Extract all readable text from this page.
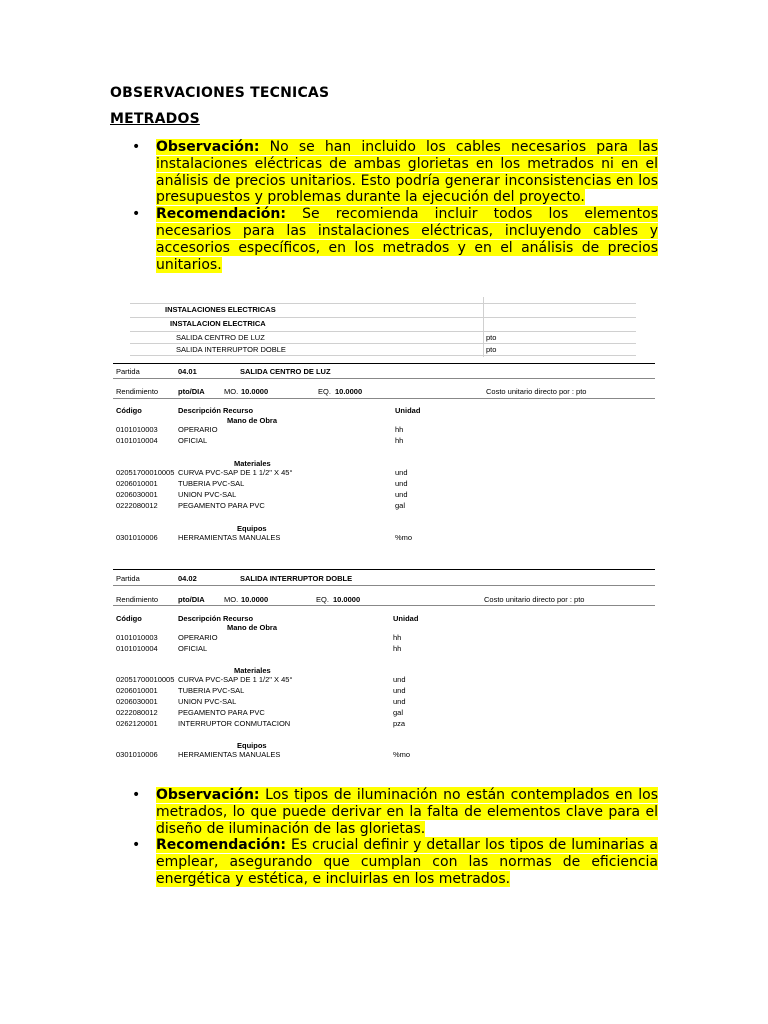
OBSERVACIONES TECNICAS
METRADOS
• Observación: No se han incluido los cables necesarios para las instalaciones eléctricas de ambas glorietas en los metrados ni en el análisis de precios unitarios. Esto podría generar inconsistencias en los presupuestos y problemas durante la ejecución del proyecto.
• Recomendación: Se recomienda incluir todos los elementos necesarios para las instalaciones eléctricas, incluyendo cables y accesorios específicos, en los metrados y en el análisis de precios unitarios.
INSTALACIONES ELECTRICAS
INSTALACION ELECTRICA
SALIDA CENTRO DE LUZ	pto
SALIDA INTERRUPTOR DOBLE	pto
Partida	04.01	SALIDA CENTRO DE LUZ
Rendimiento	pto/DIA	MO. 10.0000	EQ. 10.0000	Costo unitario directo por : pto
Código	Descripción Recurso	Unidad
Mano de Obra
0101010003	OPERARIO	hh
0101010004	OFICIAL	hh
Materiales
02051700010005 CURVA PVC-SAP DE 1 1/2" X 45°	und
0206010001	TUBERIA PVC-SAL	und
0206030001	UNION PVC-SAL	und
0222080012	PEGAMENTO PARA PVC	gal
Equipos
0301010006	HERRAMIENTAS MANUALES	%mo
Partida	04.02	SALIDA INTERRUPTOR DOBLE
Rendimiento	pto/DIA	MO. 10.0000	EQ. 10.0000	Costo unitario directo por : pto
Código	Descripción Recurso	Unidad
Mano de Obra
0101010003	OPERARIO	hh
0101010004	OFICIAL	hh
Materiales
02051700010005 CURVA PVC-SAP DE 1 1/2" X 45°	und
0206010001	TUBERIA PVC-SAL	und
0206030001	UNION PVC-SAL	und
0222080012	PEGAMENTO PARA PVC	gal
0262120001	INTERRUPTOR CONMUTACION	pza
Equipos
0301010006	HERRAMIENTAS MANUALES	%mo
• Observación: Los tipos de iluminación no están contemplados en los metrados, lo que puede derivar en la falta de elementos clave para el diseño de iluminación de las glorietas.
• Recomendación: Es crucial definir y detallar los tipos de luminarias a emplear, asegurando que cumplan con las normas de eficiencia energética y estética, e incluirlas en los metrados.
